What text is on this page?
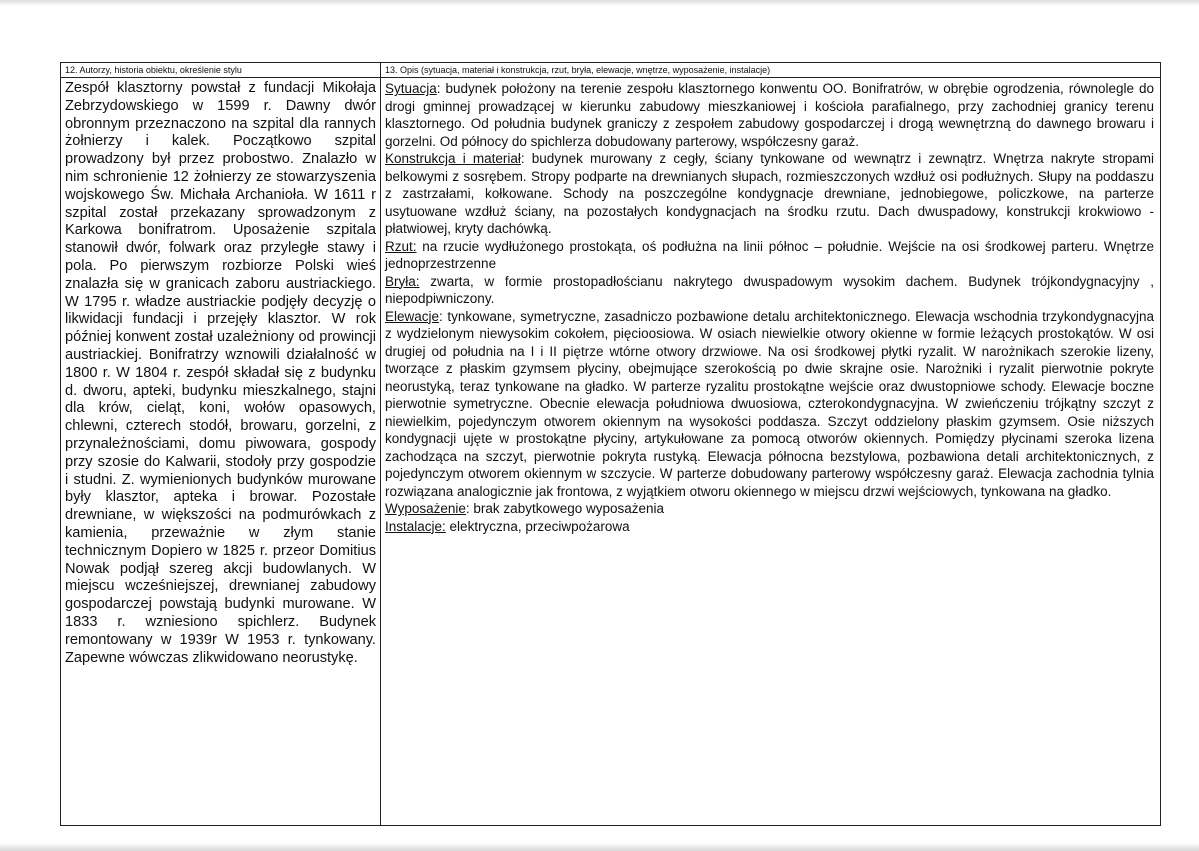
12. Autorzy, historia obiektu, określenie stylu
Zespół klasztorny powstał z fundacji Mikołaja Zebrzydowskiego w 1599 r. Dawny dwór obronnym przeznaczono na szpital dla rannych żołnierzy i kalek. Początkowo szpital prowadzony był przez probostwo. Znalazło w nim schronienie 12 żołnierzy ze stowarzyszenia wojskowego Św. Michała Archanioła. W 1611 r szpital został przekazany sprowadzonym z Karkowa bonifratrom. Uposażenie szpitala stanowił dwór, folwark oraz przyległe stawy i pola. Po pierwszym rozbiorze Polski wieś znalazła się w granicach zaboru austriackiego. W 1795 r. władze austriackie podjęły decyzję o likwidacji fundacji i przejęły klasztor. W rok później konwent został uzależniony od prowincji austriackiej. Bonifratrzy wznowili działalność w 1800 r. W 1804 r. zespół składał się z budynku d. dworu, apteki, budynku mieszkalnego, stajni dla krów, cieląt, koni, wołów opasowych, chlewni, czterech stodół, browaru, gorzelni, z przynależnościami, domu piwowara, gospody przy szosie do Kalwarii, stodoły przy gospodzie i studni. Z. wymienionych budynków murowane były klasztor, apteka i browar. Pozostałe drewniane, w większości na podmurówkach z kamienia, przeważnie w złym stanie technicznym Dopiero w 1825 r. przeor Domitius Nowak podjął szereg akcji budowlanych. W miejscu wcześniejszej, drewnianej zabudowy gospodarczej powstają budynki murowane. W 1833 r. wzniesiono spichlerz. Budynek remontowany w 1939r W 1953 r. tynkowany. Zapewne wówczas zlikwidowano neorustykę.
13. Opis (sytuacja, materiał i konstrukcja, rzut, bryła, elewacje, wnętrze, wyposażenie, instalacje)

Sytuacja: budynek położony na terenie zespołu klasztornego konwentu OO. Bonifratrów, w obrębie ogrodzenia, równolegle do drogi gminnej prowadzącej w kierunku zabudowy mieszkaniowej i kościoła parafialnego, przy zachodniej granicy terenu klasztornego. Od południa budynek graniczy z zespołem zabudowy gospodarczej i drogą wewnętrzną do dawnego browaru i gorzelni. Od północy do spichlerza dobudowany parterowy, współczesny garaż.

Konstrukcja i materiał: budynek murowany z cegły, ściany tynkowane od wewnątrz i zewnątrz. Wnętrza nakryte stropami belkowymi z sosrębem. Stropy podparte na drewnianych słupach, rozmieszczonych wzdłuż osi podłużnych. Słupy na poddaszu z zastrzałami, kołkowane. Schody na poszczególne kondygnacje drewniane, jednobiegowe, policzkowe, na parterze usytuowane wzdłuż ściany, na pozostałych kondygnacjach na środku rzutu. Dach dwuspadowy, konstrukcji krokwiowo -płatwiowej, kryty dachówką.

Rzut: na rzucie wydłużonego prostokąta, oś podłużna na linii północ – południe. Wejście na osi środkowej parteru. Wnętrze jednoprzestrzenne

Bryła: zwarta, w formie prostopadłościanu nakrytego dwuspadowym wysokim dachem. Budynek trójkondygnacyjny , niepodpiwniczony.

Elewacje: tynkowane, symetryczne, zasadniczo pozbawione detalu architektonicznego. Elewacja wschodnia trzykondygnacyjna z wydzielonym niewysokim cokołem, pięcioosiowa. W osiach niewielkie otwory okienne w formie leżących prostokątów. W osi drugiej od południa na I i II piętrze wtórne otwory drzwiowe. Na osi środkowej płytki ryzalit. W narożnikach szerokie lizeny, tworzące z płaskim gzymsem płyciny, obejmujące szerokością po dwie skrajne osie. Narożniki i ryzalit pierwotnie pokryte neorustyką, teraz tynkowane na gładko. W parterze ryzalitu prostokątne wejście oraz dwustopniowe schody. Elewacje boczne pierwotnie symetryczne. Obecnie elewacja południowa dwuosiowa, czterokondygnacyjna. W zwieńczeniu trójkątny szczyt z niewielkim, pojedynczym otworem okiennym na wysokości poddasza. Szczyt oddzielony płaskim gzymsem. Osie niższych kondygnacji ujęte w prostokątne płyciny, artykułowane za pomocą otworów okiennych. Pomiędzy płycinami szeroka lizena zachodząca na szczyt, pierwotnie pokryta rustyką. Elewacja północna bezstylowa, pozbawiona detali architektonicznych, z pojedynczym otworem okiennym w szczycie. W parterze dobudowany parterowy współczesny garaż. Elewacja zachodnia tylnia rozwiązana analogicznie jak frontowa, z wyjątkiem otworu okiennego w miejscu drzwi wejściowych, tynkowana na gładko.

Wyposażenie: brak zabytkowego wyposażenia

Instalacje: elektryczna, przeciwpożarowa
